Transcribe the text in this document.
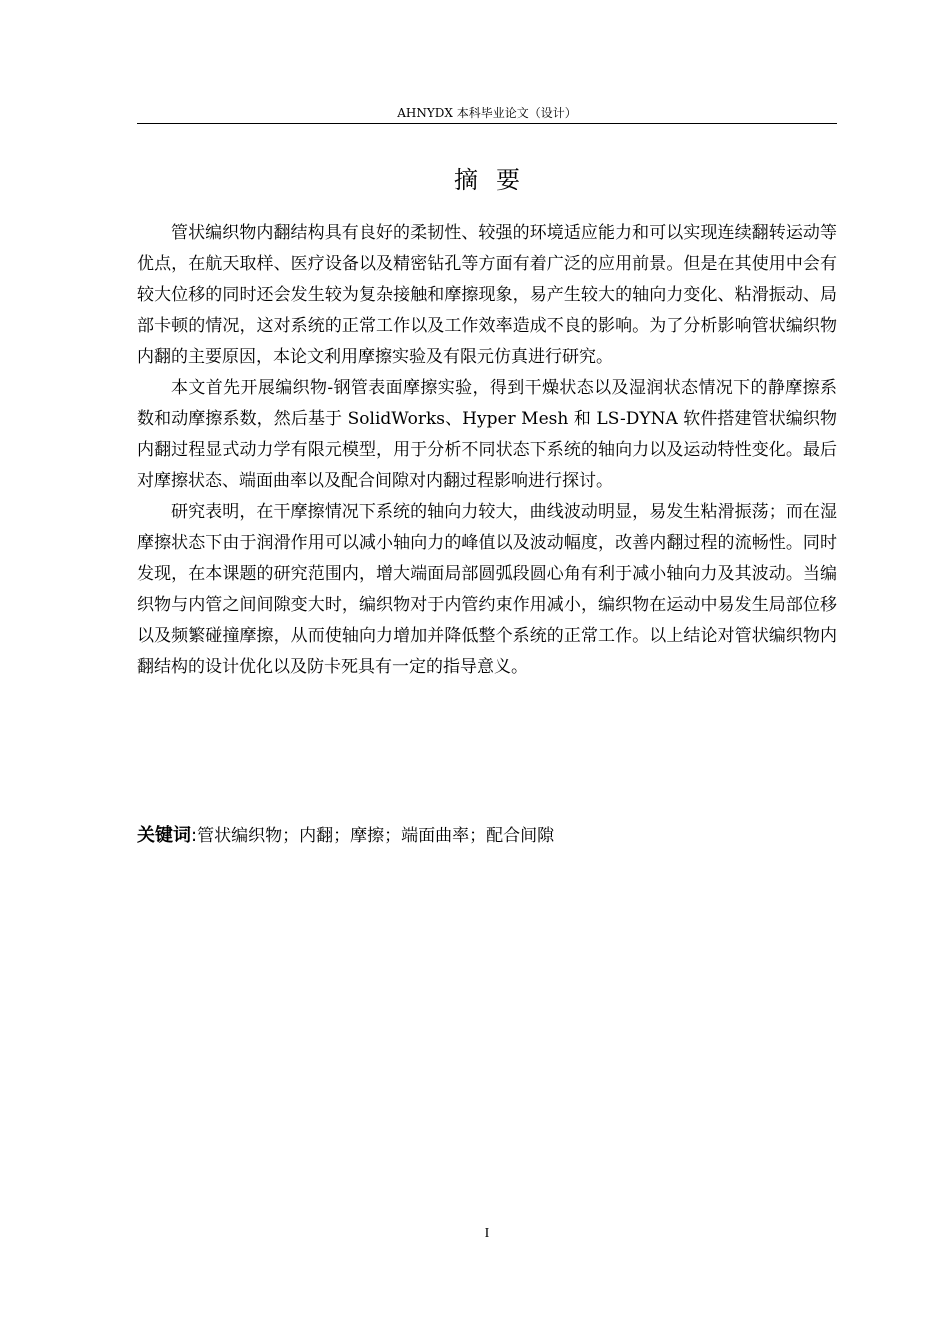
AHNYDX 本科毕业论文（设计）
摘要

管状编织物内翻结构具有良好的柔韧性、较强的环境适应能力和可以实现连续翻转运动等优点，在航天取样、医疗设备以及精密钻孔等方面有着广泛的应用前景。但是在其使用中会有较大位移的同时还会发生较为复杂接触和摩擦现象，易产生较大的轴向力变化、粘滑振动、局部卡顿的情况，这对系统的正常工作以及工作效率造成不良的影响。为了分析影响管状编织物内翻的主要原因，本论文利用摩擦实验及有限元仿真进行研究。

本文首先开展编织物-钢管表面摩擦实验，得到干燥状态以及湿润状态情况下的静摩擦系数和动摩擦系数，然后基于 SolidWorks、Hyper Mesh 和 LS-DYNA 软件搭建管状编织物内翻过程显式动力学有限元模型，用于分析不同状态下系统的轴向力以及运动特性变化。最后对摩擦状态、端面曲率以及配合间隙对内翻过程影响进行探讨。

研究表明，在干摩擦情况下系统的轴向力较大，曲线波动明显，易发生粘滑振荡；而在湿摩擦状态下由于润滑作用可以减小轴向力的峰值以及波动幅度，改善内翻过程的流畅性。同时发现，在本课题的研究范围内，增大端面局部圆弧段圆心角有利于减小轴向力及其波动。当编织物与内管之间间隙变大时，编织物对于内管约束作用减小，编织物在运动中易发生局部位移以及频繁碰撞摩擦，从而使轴向力增加并降低整个系统的正常工作。以上结论对管状编织物内翻结构的设计优化以及防卡死具有一定的指导意义。

关键词:管状编织物；内翻；摩擦；端面曲率；配合间隙
I
